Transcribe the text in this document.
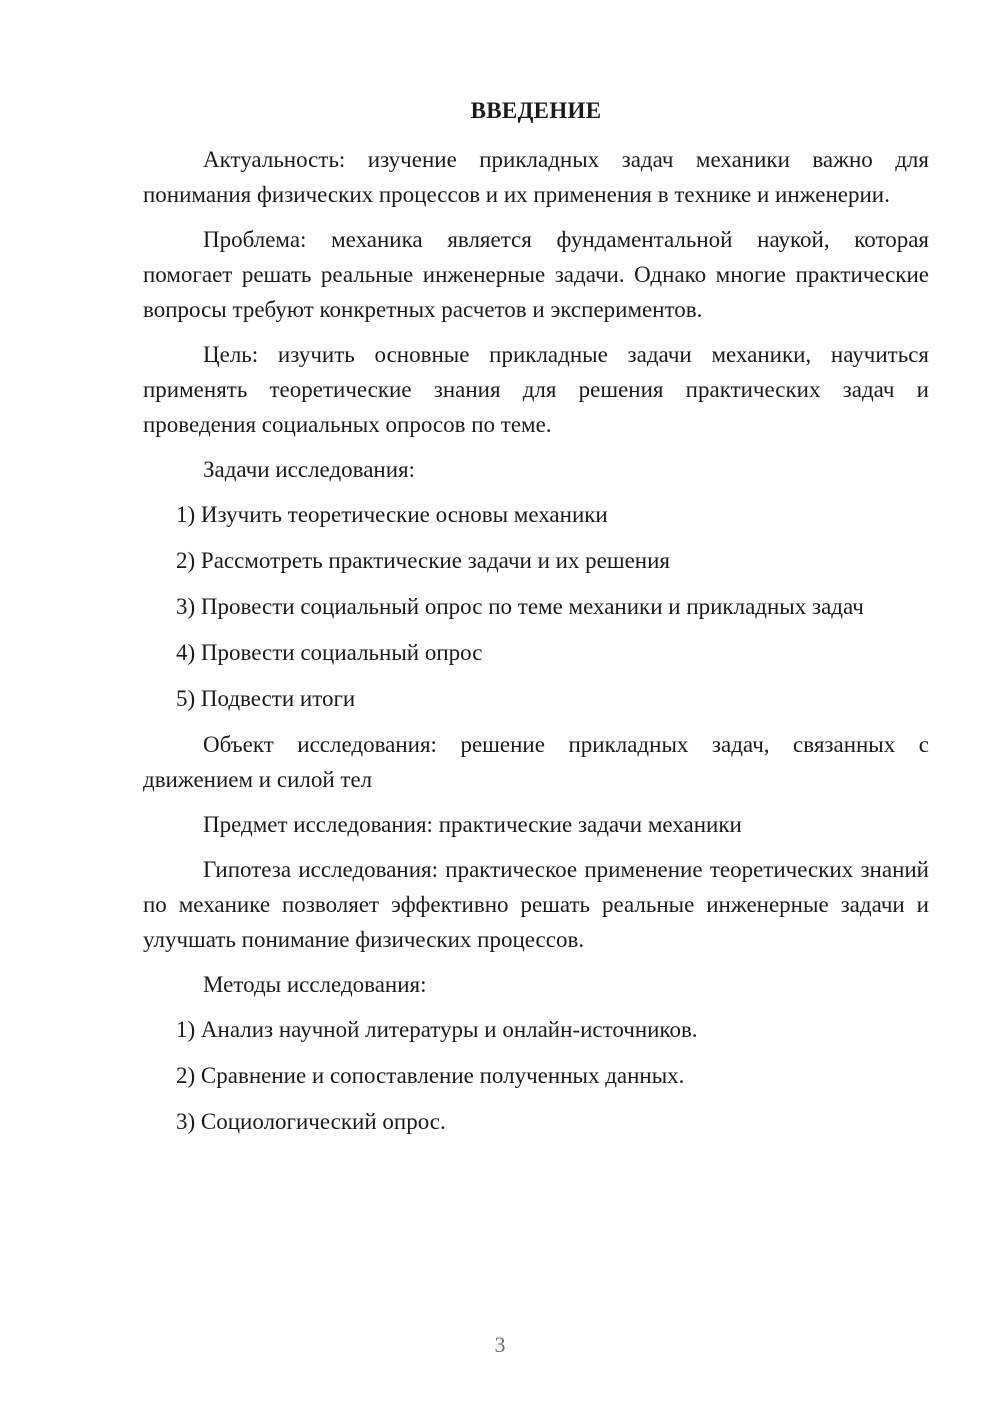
ВВЕДЕНИЕ

Актуальность: изучение прикладных задач механики важно для понимания физических процессов и их применения в технике и инженерии.

Проблема: механика является фундаментальной наукой, которая помогает решать реальные инженерные задачи. Однако многие практические вопросы требуют конкретных расчетов и экспериментов.

Цель: изучить основные прикладные задачи механики, научиться применять теоретические знания для решения практических задач и проведения социальных опросов по теме.

Задачи исследования:

1) Изучить теоретические основы механики
2) Рассмотреть практические задачи и их решения
3) Провести социальный опрос по теме механики и прикладных задач
4) Провести социальный опрос
5) Подвести итоги

Объект исследования: решение прикладных задач, связанных с движением и силой тел

Предмет исследования: практические задачи механики

Гипотеза исследования: практическое применение теоретических знаний по механике позволяет эффективно решать реальные инженерные задачи и улучшать понимание физических процессов.

Методы исследования:

1) Анализ научной литературы и онлайн-источников.
2) Сравнение и сопоставление полученных данных.
3) Социологический опрос.
3
